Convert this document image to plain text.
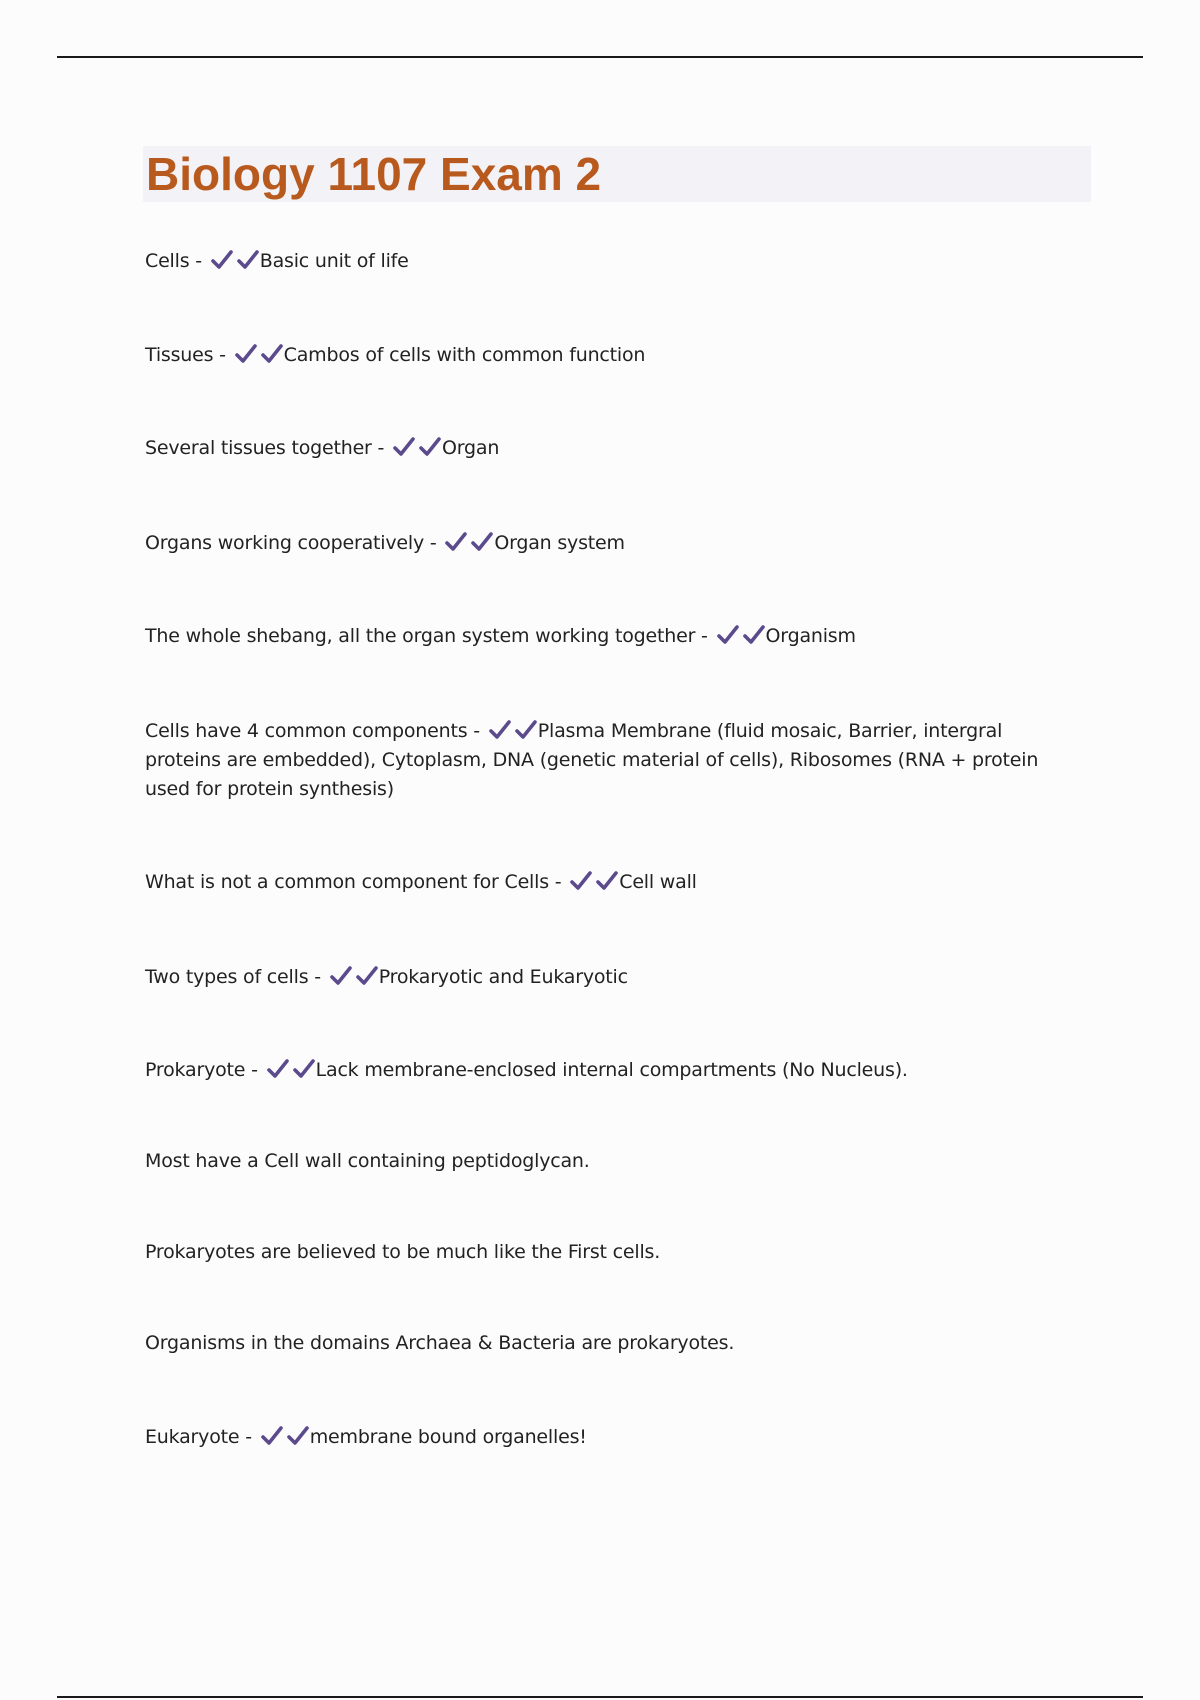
Biology 1107 Exam 2
Cells -	Basic unit of life
Tissues -	Cambos of cells with common function
Several tissues together -	Organ
Organs working cooperatively -	Organ system
The whole shebang, all the organ system working together -	Organism
Cells have 4 common components -	Plasma Membrane (fluid mosaic, Barrier, intergral proteins are embedded), Cytoplasm, DNA (genetic material of cells), Ribosomes (RNA + protein used for protein synthesis)
What is not a common component for Cells -	Cell wall
Two types of cells -	Prokaryotic and Eukaryotic
Prokaryote -	Lack membrane-enclosed internal compartments (No Nucleus).
Most have a Cell wall containing peptidoglycan.
Prokaryotes are believed to be much like the First cells.
Organisms in the domains Archaea & Bacteria are prokaryotes.
Eukaryote -	membrane bound organelles!
